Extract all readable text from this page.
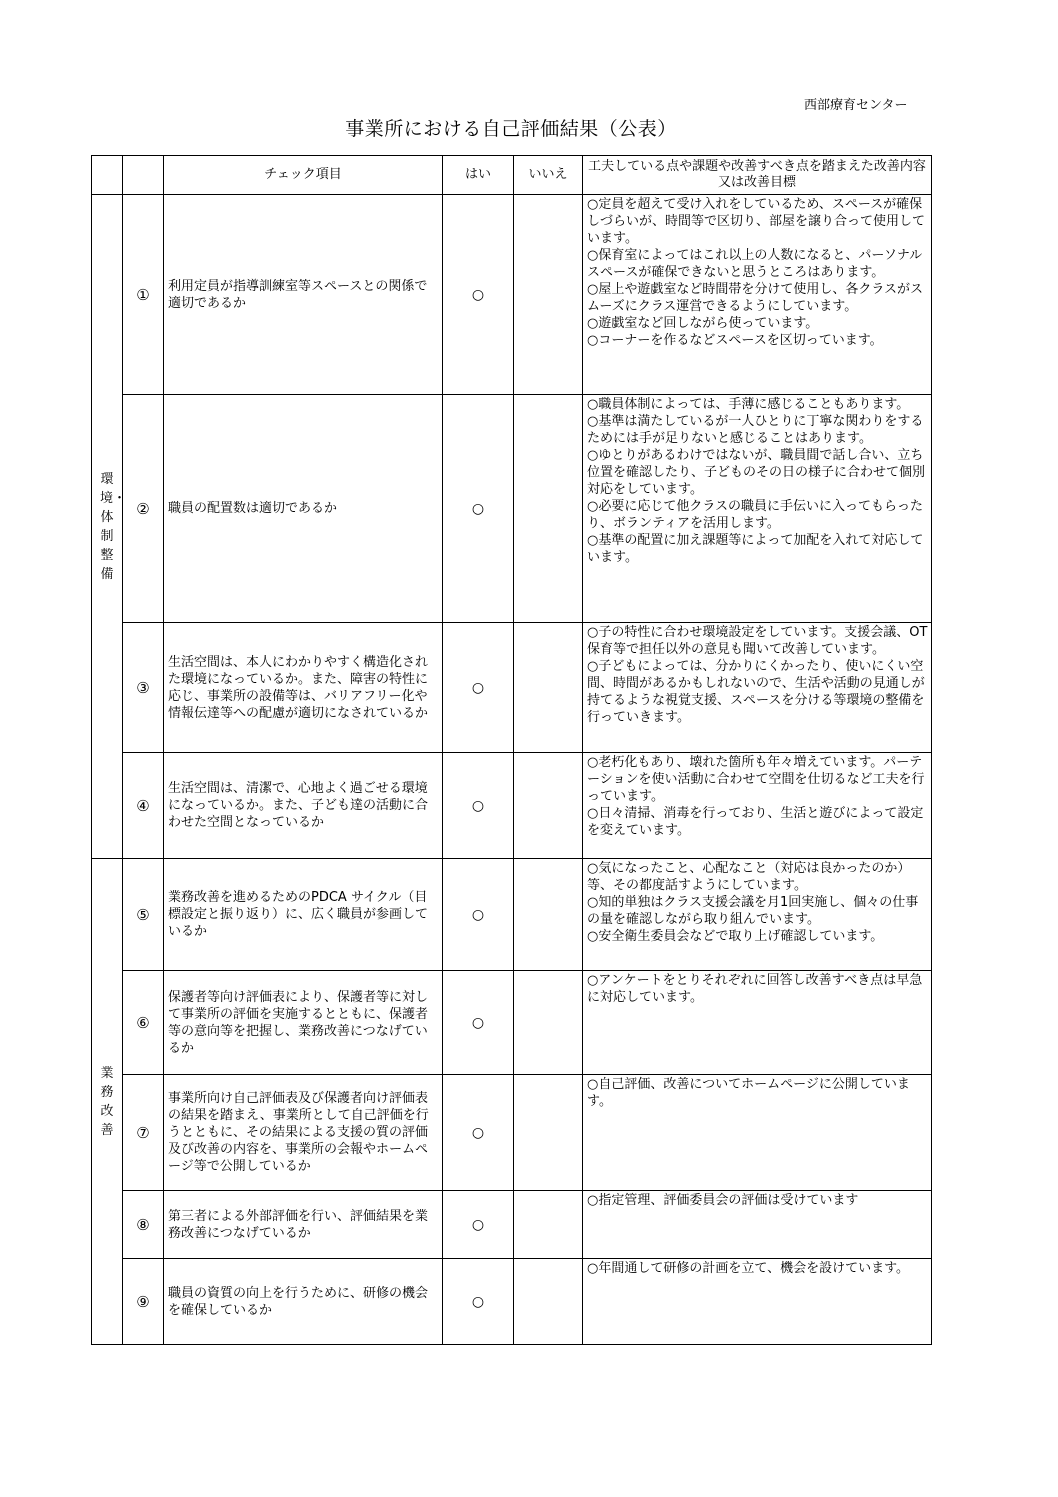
西部療育センター
事業所における自己評価結果（公表）
		チェック項目	はい	いいえ	工夫している点や課題や改善すべき点を踏まえた改善内容又は改善目標
環境・体制整備	①	利用定員が指導訓練室等スペースとの関係で適切であるか	○		○定員を超えて受け入れをしているため、スペースが確保しづらいが、時間等で区切り、部屋を譲り合って使用しています。
○保育室によってはこれ以上の人数になると、パーソナルスペースが確保できないと思うところはあります。
○屋上や遊戯室など時間帯を分けて使用し、各クラスがスムーズにクラス運営できるようにしています。
○遊戯室など回しながら使っています。
○コーナーを作るなどスペースを区切っています。

	②	職員の配置数は適切であるか	○		○職員体制によっては、手薄に感じることもあります。
○基準は満たしているが一人ひとりに丁寧な関わりをするためには手が足りないと感じることはあります。
○ゆとりがあるわけではないが、職員間で話し合い、立ち位置を確認したり、子どものその日の様子に合わせて個別対応をしています。
○必要に応じて他クラスの職員に手伝いに入ってもらったり、ボランティアを活用します。
○基準の配置に加え課題等によって加配を入れて対応しています。

	③	生活空間は、本人にわかりやすく構造化された環境になっているか。また、障害の特性に応じ、事業所の設備等は、バリアフリー化や情報伝達等への配慮が適切になされているか	○		○子の特性に合わせ環境設定をしています。支援会議、OT保育等で担任以外の意見も聞いて改善しています。
○子どもによっては、分かりにくかったり、使いにくい空間、時間があるかもしれないので、生活や活動の見通しが持てるような視覚支援、スペースを分ける等環境の整備を行っていきます。

	④	生活空間は、清潔で、心地よく過ごせる環境になっているか。また、子ども達の活動に合わせた空間となっているか	○		○老朽化もあり、壊れた箇所も年々増えています。パーテーションを使い活動に合わせて空間を仕切るなど工夫を行っています。
○日々清掃、消毒を行っており、生活と遊びによって設定を変えています。

業務改善	⑤	業務改善を進めるためのPDCA サイクル（目標設定と振り返り）に、広く職員が参画しているか	○		○気になったこと、心配なこと（対応は良かったのか）等、その都度話すようにしています。
○知的単独はクラス支援会議を月1回実施し、個々の仕事の量を確認しながら取り組んでいます。
○安全衛生委員会などで取り上げ確認しています。

	⑥	保護者等向け評価表により、保護者等に対して事業所の評価を実施するとともに、保護者等の意向等を把握し、業務改善につなげているか	○		○アンケートをとりそれぞれに回答し改善すべき点は早急に対応しています。

	⑦	事業所向け自己評価表及び保護者向け評価表の結果を踏まえ、事業所として自己評価を行うとともに、その結果による支援の質の評価及び改善の内容を、事業所の会報やホームページ等で公開しているか	○		○自己評価、改善についてホームページに公開しています。

	⑧	第三者による外部評価を行い、評価結果を業務改善につなげているか	○		○指定管理、評価委員会の評価は受けています

	⑨	職員の資質の向上を行うために、研修の機会を確保しているか	○		○年間通して研修の計画を立て、機会を設けています。
